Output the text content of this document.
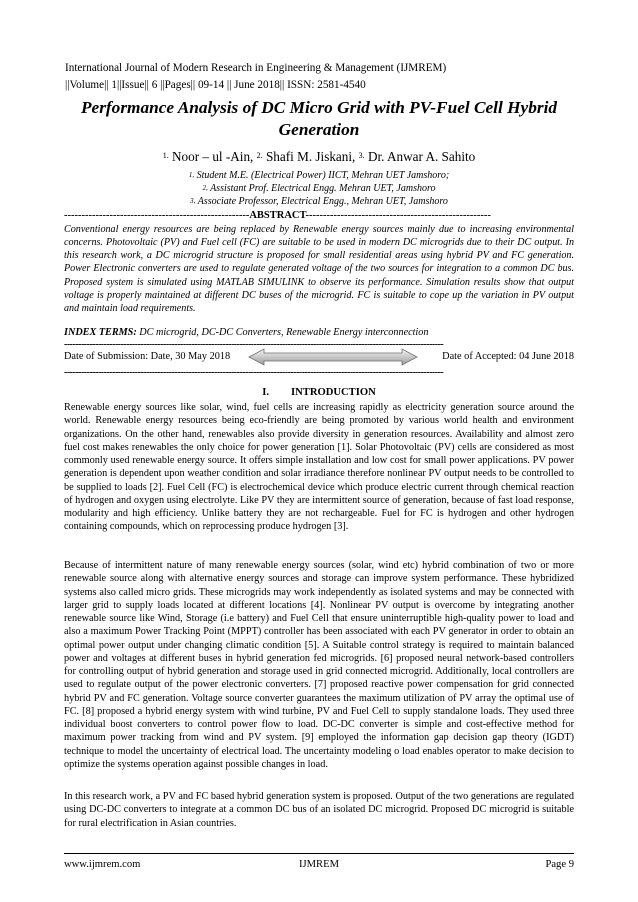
International Journal of Modern Research in Engineering & Management (IJMREM)
||Volume|| 1||Issue|| 6 ||Pages|| 09-14 || June 2018|| ISSN: 2581-4540
Performance Analysis of DC Micro Grid with PV-Fuel Cell Hybrid Generation
$^{1.}$ Noor – ul -Ain, $^{2.}$ Shafi M. Jiskani, $^{3.}$ Dr. Anwar A. Sahito
$^{1,}$ Student M.E. (Electrical Power) IICT, Mehran UET Jamshoro;
$^{2,}$ Assistant Prof. Electrical Engg. Mehran UET, Jamshoro
$^{3,}$ Associate Professor, Electrical Engg., Mehran UET, Jamshoro
-----------------------------------------------------ABSTRACT-----------------------------------------------------

Conventional energy resources are being replaced by Renewable energy sources mainly due to increasing environmental concerns. Photovoltaic (PV) and Fuel cell (FC) are suitable to be used in modern DC microgrids due to their DC output. In this research work, a DC microgrid structure is proposed for small residential areas using hybrid PV and FC generation. Power Electronic converters are used to regulate generated voltage of the two sources for integration to a common DC bus. Proposed system is simulated using MATLAB SIMULINK to observe its performance. Simulation results show that output voltage is properly maintained at different DC buses of the microgrid. FC is suitable to cope up the variation in PV output and maintain load requirements.

INDEX TERMS: DC microgrid, DC-DC Converters, Renewable Energy interconnection
--------------------------------------------------------------------------------------------------------------------------------------
Date of Submission: Date, 30 May 2018	Date of Accepted: 04 June 2018
--------------------------------------------------------------------------------------------------------------------------------------
I. INTRODUCTION

Renewable energy sources like solar, wind, fuel cells are increasing rapidly as electricity generation source around the world. Renewable energy resources being eco-friendly are being promoted by various world health and environment organizations. On the other hand, renewables also provide diversity in generation resources. Availability and almost zero fuel cost makes renewables the only choice for power generation [1]. Solar Photovoltaic (PV) cells are considered as most commonly used renewable energy source. It offers simple installation and low cost for small power applications. PV power generation is dependent upon weather condition and solar irradiance therefore nonlinear PV output needs to be controlled to be supplied to loads [2]. Fuel Cell (FC) is electrochemical device which produce electric current through chemical reaction of hydrogen and oxygen using electrolyte. Like PV they are intermittent source of generation, because of fast load response, modularity and high efficiency. Unlike battery they are not rechargeable. Fuel for FC is hydrogen and other hydrogen containing compounds, which on reprocessing produce hydrogen [3].

Because of intermittent nature of many renewable energy sources (solar, wind etc) hybrid combination of two or more renewable source along with alternative energy sources and storage can improve system performance. These hybridized systems also called micro grids. These microgrids may work independently as isolated systems and may be connected with larger grid to supply loads located at different locations [4]. Nonlinear PV output is overcome by integrating another renewable source like Wind, Storage (i.e battery) and Fuel Cell that ensure uninterruptible high-quality power to load and also a maximum Power Tracking Point (MPPT) controller has been associated with each PV generator in order to obtain an optimal power output under changing climatic condition [5]. A Suitable control strategy is required to maintain balanced power and voltages at different buses in hybrid generation fed microgrids. [6] proposed neural network-based controllers for controlling output of hybrid generation and storage used in grid connected microgrid. Additionally, local controllers are used to regulate output of the power electronic converters. [7] proposed reactive power compensation for grid connected hybrid PV and FC generation. Voltage source converter guarantees the maximum utilization of PV array the optimal use of FC. [8] proposed a hybrid energy system with wind turbine, PV and Fuel Cell to supply standalone loads. They used three individual boost converters to control power flow to load. DC-DC converter is simple and cost-effective method for maximum power tracking from wind and PV system. [9] employed the information gap decision gap theory (IGDT) technique to model the uncertainty of electrical load. The uncertainty modeling o load enables operator to make decision to optimize the systems operation against possible changes in load.

In this research work, a PV and FC based hybrid generation system is proposed. Output of the two generations are regulated using DC-DC converters to integrate at a common DC bus of an isolated DC microgrid. Proposed DC microgrid is suitable for rural electrification in Asian countries.

www.ijmrem.com	IJMREM	Page 9
